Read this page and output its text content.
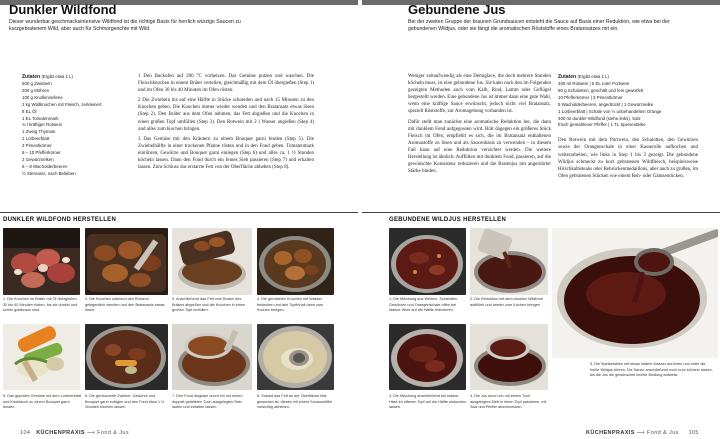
Dunkler Wildfond
Dieser wunderbar geschmacksintensive Wildfond ist die richtige Basis für herrlich würzige Saucen zu kurzgebratenem Wild, aber auch für Schmorgerichte mit Wild.
Gebundene Jus
Bei der zweiten Gruppe der braunen Grundsaucen entsteht die Sauce auf Basis einer Reduktion, wie etwa bei der gebundenen Wildjus, oder sie fängt die aromatischen Röststoffe eines Bratansatzes mit ein.
Zutaten (Ergibt etwa 1 L)
500 g Zwiebeln
200 g Möhren
100 g Knollensellerie
2 kg Wildknochen mit Fleisch, zerkleinert
8 EL Öl
1 EL Tomatenmark
¾ l kräftiger Rotwein
1 Zweig Thymian
1 Lorbeerblatt
3 Pimentkörner
8 – 10 Pfefferkörner
2 Gewürznelken
6 – 8 Wacholderbeeren
½ Sternanis, nach Belieben

1 Den Backofen auf 200 °C vorheizen. Das Gemüse putzen und waschen. Die Fleischknochen in einem Bräter verteilen, gleichmäßig mit dem Öl übergießen (Step 1) und im Ofen 30 bis 40 Minuten im Ofen rösten.

2 Die Zwiebeln bis auf eine Hälfte in Stücke schneiden und nach 15 Minuten zu den Knochen geben. Die Knochen immer wieder wenden und den Bratansatz etwas lösen (Step 2). Den Bräter aus dem Ofen nehmen, das Fett abgießen und die Knochen in einen großen Topf umfüllen (Step 3). Den Rotwein mit 2 l Wasser angießen (Step 4) und alles zum Kochen bringen.

3 Das Gemüse mit den Kräutern zu einem Bouquet garni binden (Step 5). Die Zwiebelhälfte in einer trockenen Pfanne rösten und in den Fond geben. Tomatenmark einrühren, Gewürze und Bouquet garni einlegen (Step 6) und alles ca. 1 ½ Stunden köcheln lassen. Dann den Fond durch ein feines Sieb passieren (Step 7) und erkalten lassen. Zum Schluss das erstarrte Fett von der Oberfläche abheben (Step 8).

Weniger zeitaufwendig als eine Demiglace, die doch mehrere Stunden köcheln muss, ist eine gebundene Jus. Sie kann nach den im Folgenden gezeigten Methoden auch vom Kalb, Rind, Lamm oder Geflügel hergestellt werden. Eine gebundene Jus ist immer dann eine gute Wahl, wenn eine kräftige Sauce erwünscht, jedoch nicht viel Bratansatz, speziell Röststoffe, zur Aromagebung vorhanden ist.

Dafür stellt man zunächst eine aromatische Reduktion her, die dann mit dunklem Fond aufgegossen wird. Brät dagegen ein größeres Stück Fleisch im Ofen, empfiehlt es sich, die im Bratansatz enthaltenen Aromastoffe zu lösen und als Saucenbasis zu verwenden – in diesem Fall kann auf eine Reduktion verzichtet werden. Die weitere Herstellung ist ähnlich: Auffüllen mit dunklem Fond, passieren, auf die gewünschte Konsistenz reduzieren und die Bratenjus mit angerührter Stärke binden.

Zutaten (Ergibt etwa 1 L)
400 ml Rotwein | 5 EL roter Portwein
80 g Schalotten, geschält und fein gewürfelt
10 Pfefferkörner | 3 Pimentkörner
5 Wacholderbeeren, angedrückt | 1 Gewürznelke
1 Lorbeerblatt | Schale von ½ unbehandelten Orange
400 ml dunkler Wildfond (siehe links), Salz
frisch gemahlener Pfeffer | 1 TL Speisestärke
Den Rotwein mit dem Portwein, den Schalotten, den Gewürzen sowie der Orangenschale in einer Kasserolle aufkochen und weiterarbeiten, wie links in Step 1 bis 3 gezeigt. Die gebundene Wildjus schmeckt zu kurz gebratenen Wildfleisch, beispielsweise Hirschkalbsteaks oder Rehrückenmedaillons, aber auch zu großen, im Ofen gebratenen Stücken wie einem Reh- oder Gämsenrücken.
DUNKLER WILDFOND HERSTELLEN	GEBUNDENE WILDJUS HERSTELLEN
1. Die Knochen im Bräter mit Öl übergießen. 30 bis 40 Minuten rösten, bis sie dunkel und schön goldbraun sind.
2. Die Knochen während des Röstens gelegentlich wenden und den Bratansatz etwas lösen.
3. Anschließend das Fett vom Boden des Bräters abgießen und die Knochen in einen großen Topf umfüllen.
4. Die gerösteten Knochen mit Wasser bedecken und den Topfinhalt dann zum Kochen bringen.
5. Das geputzte Gemüse mit dem Lorbeerblatt und Knoblauch zu einem Bouquet garni binden.
6. Die geräucherte Zwiebel, Gewürze und Bouquet garni zufügen und den Fond etwa 1 ½ Stunden köcheln lassen.
7. Den Fond langsam durch ein mit einem doppelt gefalteten Tuch ausgelegtes Sieb laufen und erkalten lassen.
8. Sobald das Fett an der Oberfläche fest geworden ist, dieses mit einem Schaumlöffel vorsichtig abheben.
1. Die Mischung aus Weinen, Schalotten, Gewürzen und Orangenschale offen bei starker Hitze auf die Hälfte reduzieren.
2. Die Reduktion mit dem dunklen Wildfond auffüllen und wieder zum Kochen bringen.
3. Die Speisestärke mit etwas kaltem Wasser anrühren und unter die heiße Wildjus rühren. Die Sauce anschließend noch kurz köcheln lassen, bis die Jus die gewünschte leichte Bindung aufweist.
3. Die Mischung anschließend bei starker Hitze im offenen Topf auf die Hälfte einkochen lassen.
4. Die Jus durch ein mit einem Tuch ausgelegtes Sieb in einen Topf passieren, mit Salz und Pfeffer abschmecken.
104 KÜCHENPRAXIS ⟶ Fond & Jus	KÜCHENPRAXIS ⟶ Fond & Jus 105
